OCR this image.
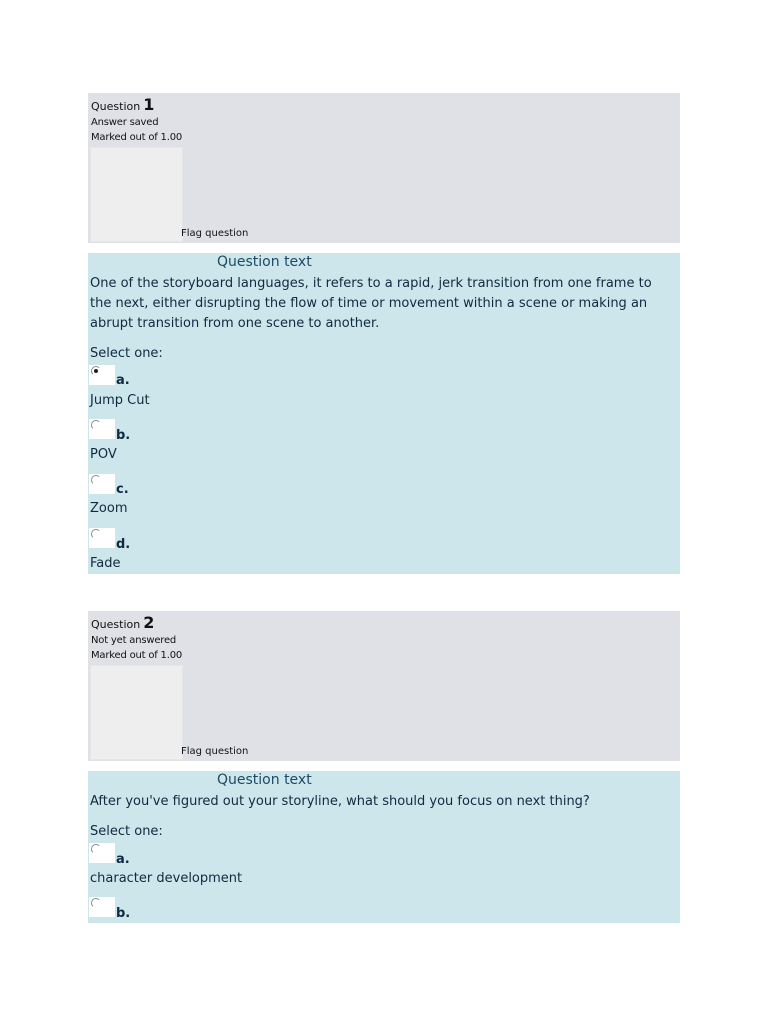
Question 1
Answer saved
Marked out of 1.00
Flag question
Question text
One of the storyboard languages, it refers to a rapid, jerk transition from one frame to the next, either disrupting the flow of time or movement within a scene or making an abrupt transition from one scene to another.
Select one:
a.
Jump Cut
b.
POV
c.
Zoom
d.
Fade
Question 2
Not yet answered
Marked out of 1.00
Flag question
Question text
After you've figured out your storyline, what should you focus on next thing?
Select one:
a.
character development
b.
